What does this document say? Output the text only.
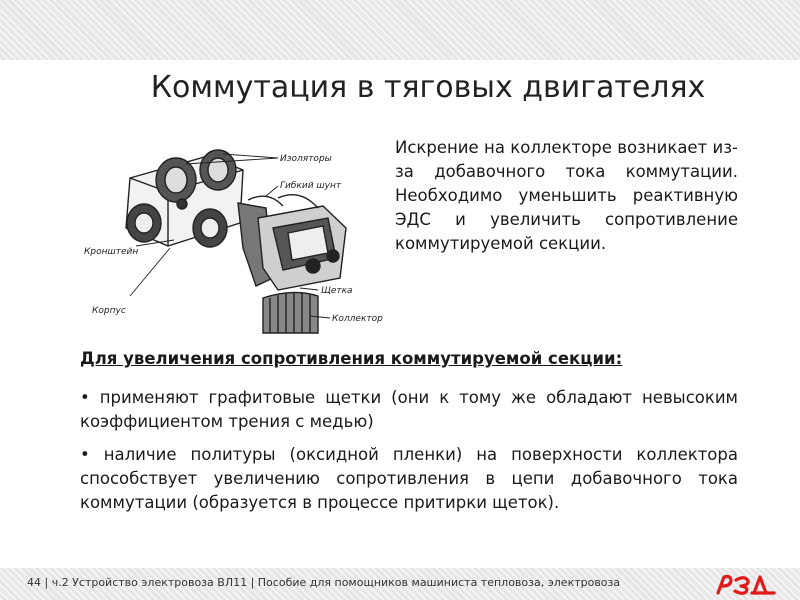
Коммутация в тяговых двигателях
Изоляторы
Гибкий шунт
Кронштейн
Щетка
Корпус
Коллектор
Искрение на коллекторе возникает из-за добавочного тока коммутации. Необходимо уменьшить реактивную ЭДС и увеличить сопротивление коммутируемой секции.
Для увеличения сопротивления коммутируемой секции:
• применяют графитовые щетки (они к тому же обладают невысоким коэффициентом трения с медью)
• наличие политуры (оксидной пленки) на поверхности коллектора способствует увеличению сопротивления в цепи добавочного тока коммутации (образуется в процессе притирки щеток).
44 | ч.2 Устройство электровоза ВЛ11 | Пособие для помощников машиниста тепловоза, электровоза
